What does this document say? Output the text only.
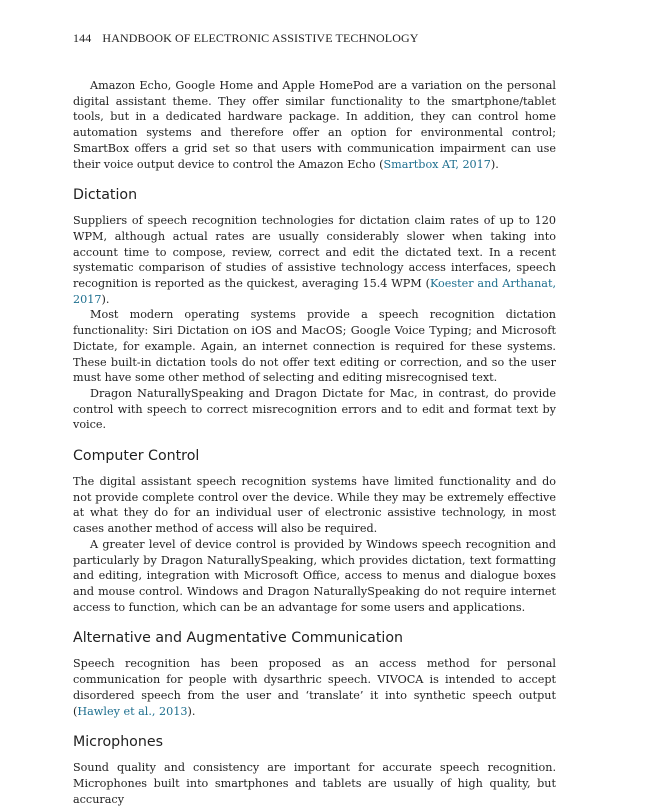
144 HANDBOOK OF ELECTRONIC ASSISTIVE TECHNOLOGY

Amazon Echo, Google Home and Apple HomePod are a variation on the personal digital assistant theme. They offer similar functionality to the smartphone/tablet tools, but in a dedicated hardware package. In addition, they can control home automation systems and therefore offer an option for environmental control; SmartBox offers a grid set so that users with communication impairment can use their voice output device to control the Amazon Echo (Smartbox AT, 2017).

Dictation

Suppliers of speech recognition technologies for dictation claim rates of up to 120 WPM, although actual rates are usually considerably slower when taking into account time to compose, review, correct and edit the dictated text. In a recent systematic comparison of studies of assistive technology access interfaces, speech recognition is reported as the quickest, averaging 15.4 WPM (Koester and Arthanat, 2017).

Most modern operating systems provide a speech recognition dictation functionality: Siri Dictation on iOS and MacOS; Google Voice Typing; and Microsoft Dictate, for example. Again, an internet connection is required for these systems. These built-in dictation tools do not offer text editing or correction, and so the user must have some other method of selecting and editing misrecognised text.

Dragon NaturallySpeaking and Dragon Dictate for Mac, in contrast, do provide control with speech to correct misrecognition errors and to edit and format text by voice.

Computer Control

The digital assistant speech recognition systems have limited functionality and do not provide complete control over the device. While they may be extremely effective at what they do for an individual user of electronic assistive technology, in most cases another method of access will also be required.

A greater level of device control is provided by Windows speech recognition and particularly by Dragon NaturallySpeaking, which provides dictation, text formatting and editing, integration with Microsoft Office, access to menus and dialogue boxes and mouse control. Windows and Dragon NaturallySpeaking do not require internet access to function, which can be an advantage for some users and applications.

Alternative and Augmentative Communication

Speech recognition has been proposed as an access method for personal communication for people with dysarthric speech. VIVOCA is intended to accept disordered speech from the user and ‘translate’ it into synthetic speech output (Hawley et al., 2013).

Microphones

Sound quality and consistency are important for accurate speech recognition. Microphones built into smartphones and tablets are usually of high quality, but accuracy
